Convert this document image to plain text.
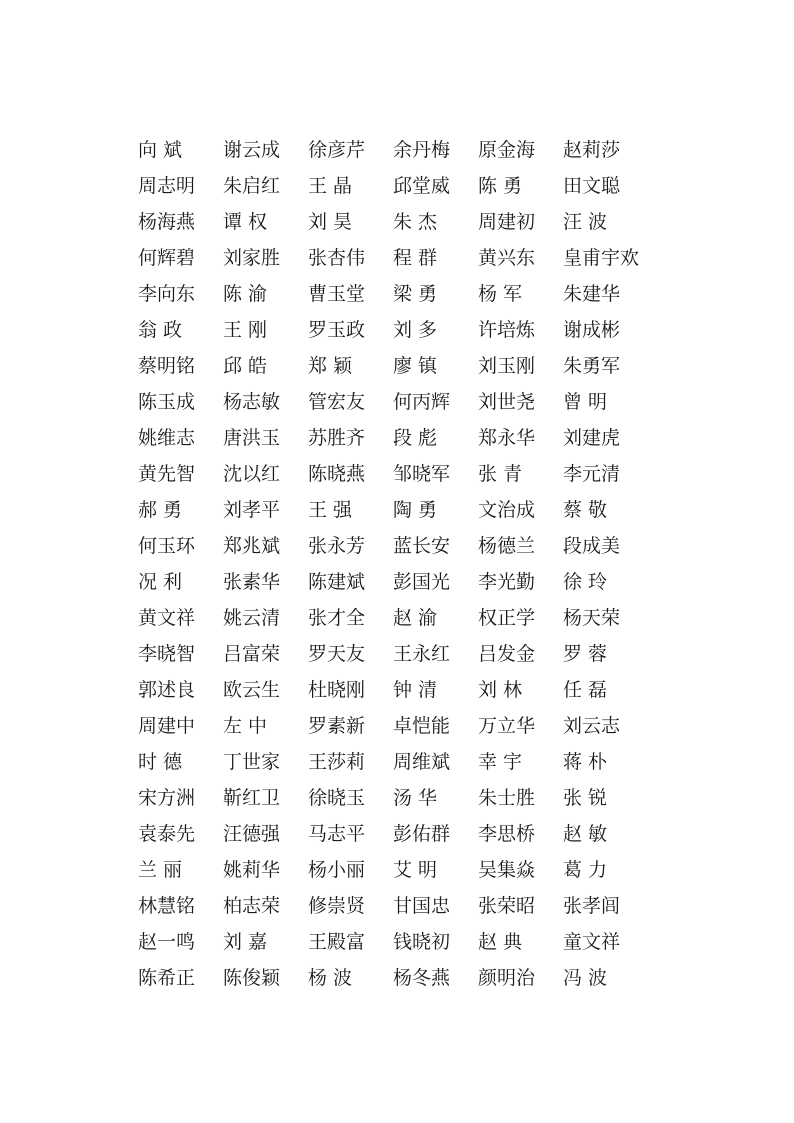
向 斌 谢云成 徐彦芹 余丹梅 原金海 赵莉莎
周志明 朱启红 王 晶 邱堂威 陈 勇 田文聪
杨海燕 谭 权 刘 昊 朱 杰 周建初 汪 波
何辉碧 刘家胜 张杏伟 程 群 黄兴东 皇甫宇欢
李向东 陈 渝 曹玉堂 梁 勇 杨 军 朱建华
翁 政 王 刚 罗玉政 刘 多 许培炼 谢成彬
蔡明铭 邱 皓 郑 颖 廖 镇 刘玉刚 朱勇军
陈玉成 杨志敏 管宏友 何丙辉 刘世尧 曾 明
姚维志 唐洪玉 苏胜齐 段 彪 郑永华 刘建虎
黄先智 沈以红 陈晓燕 邹晓军 张 青 李元清
郝 勇 刘孝平 王 强 陶 勇 文治成 蔡 敬
何玉环 郑兆斌 张永芳 蓝长安 杨德兰 段成美
况 利 张素华 陈建斌 彭国光 李光勤 徐 玲
黄文祥 姚云清 张才全 赵 渝 权正学 杨天荣
李晓智 吕富荣 罗天友 王永红 吕发金 罗 蓉
郭述良 欧云生 杜晓刚 钟 清 刘 林 任 磊
周建中 左 中 罗素新 卓恺能 万立华 刘云志
时 德 丁世家 王莎莉 周维斌 幸 宇 蒋 朴
宋方洲 靳红卫 徐晓玉 汤 华 朱士胜 张 锐
袁泰先 汪德强 马志平 彭佑群 李思桥 赵 敏
兰 丽 姚莉华 杨小丽 艾 明 吴集焱 葛 力
林慧铭 柏志荣 修崇贤 甘国忠 张荣昭 张孝闾
赵一鸣 刘 嘉 王殿富 钱晓初 赵 典 童文祥
陈希正 陈俊颖 杨 波 杨冬燕 颜明治 冯 波
